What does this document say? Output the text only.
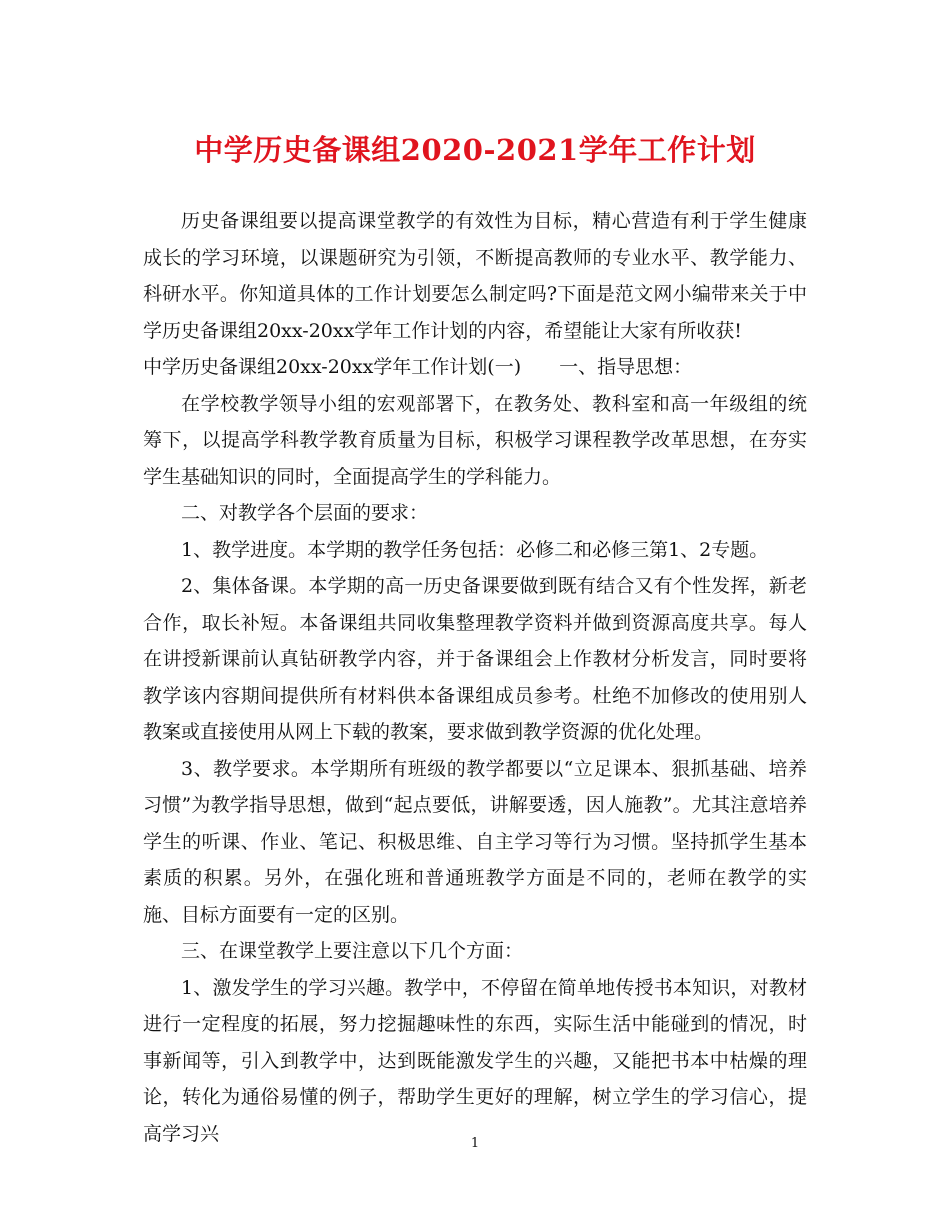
中学历史备课组2020-2021学年工作计划

历史备课组要以提高课堂教学的有效性为目标，精心营造有利于学生健康成长的学习环境，以课题研究为引领，不断提高教师的专业水平、教学能力、科研水平。你知道具体的工作计划要怎么制定吗?下面是范文网小编带来关于中学历史备课组20xx-20xx学年工作计划的内容，希望能让大家有所收获!

中学历史备课组20xx-20xx学年工作计划(一)　　一、指导思想：

在学校教学领导小组的宏观部署下，在教务处、教科室和高一年级组的统筹下，以提高学科教学教育质量为目标，积极学习课程教学改革思想，在夯实学生基础知识的同时，全面提高学生的学科能力。

二、对教学各个层面的要求：

1、教学进度。本学期的教学任务包括：必修二和必修三第1、2专题。

2、集体备课。本学期的高一历史备课要做到既有结合又有个性发挥，新老合作，取长补短。本备课组共同收集整理教学资料并做到资源高度共享。每人在讲授新课前认真钻研教学内容，并于备课组会上作教材分析发言，同时要将教学该内容期间提供所有材料供本备课组成员参考。杜绝不加修改的使用别人教案或直接使用从网上下载的教案，要求做到教学资源的优化处理。

3、教学要求。本学期所有班级的教学都要以“立足课本、狠抓基础、培养习惯”为教学指导思想，做到“起点要低，讲解要透，因人施教”。尤其注意培养学生的听课、作业、笔记、积极思维、自主学习等行为习惯。坚持抓学生基本素质的积累。另外，在强化班和普通班教学方面是不同的，老师在教学的实施、目标方面要有一定的区别。

三、在课堂教学上要注意以下几个方面：

1、激发学生的学习兴趣。教学中，不停留在简单地传授书本知识，对教材进行一定程度的拓展，努力挖掘趣味性的东西，实际生活中能碰到的情况，时事新闻等，引入到教学中，达到既能激发学生的兴趣，又能把书本中枯燥的理论，转化为通俗易懂的例子，帮助学生更好的理解，树立学生的学习信心，提高学习兴	1
